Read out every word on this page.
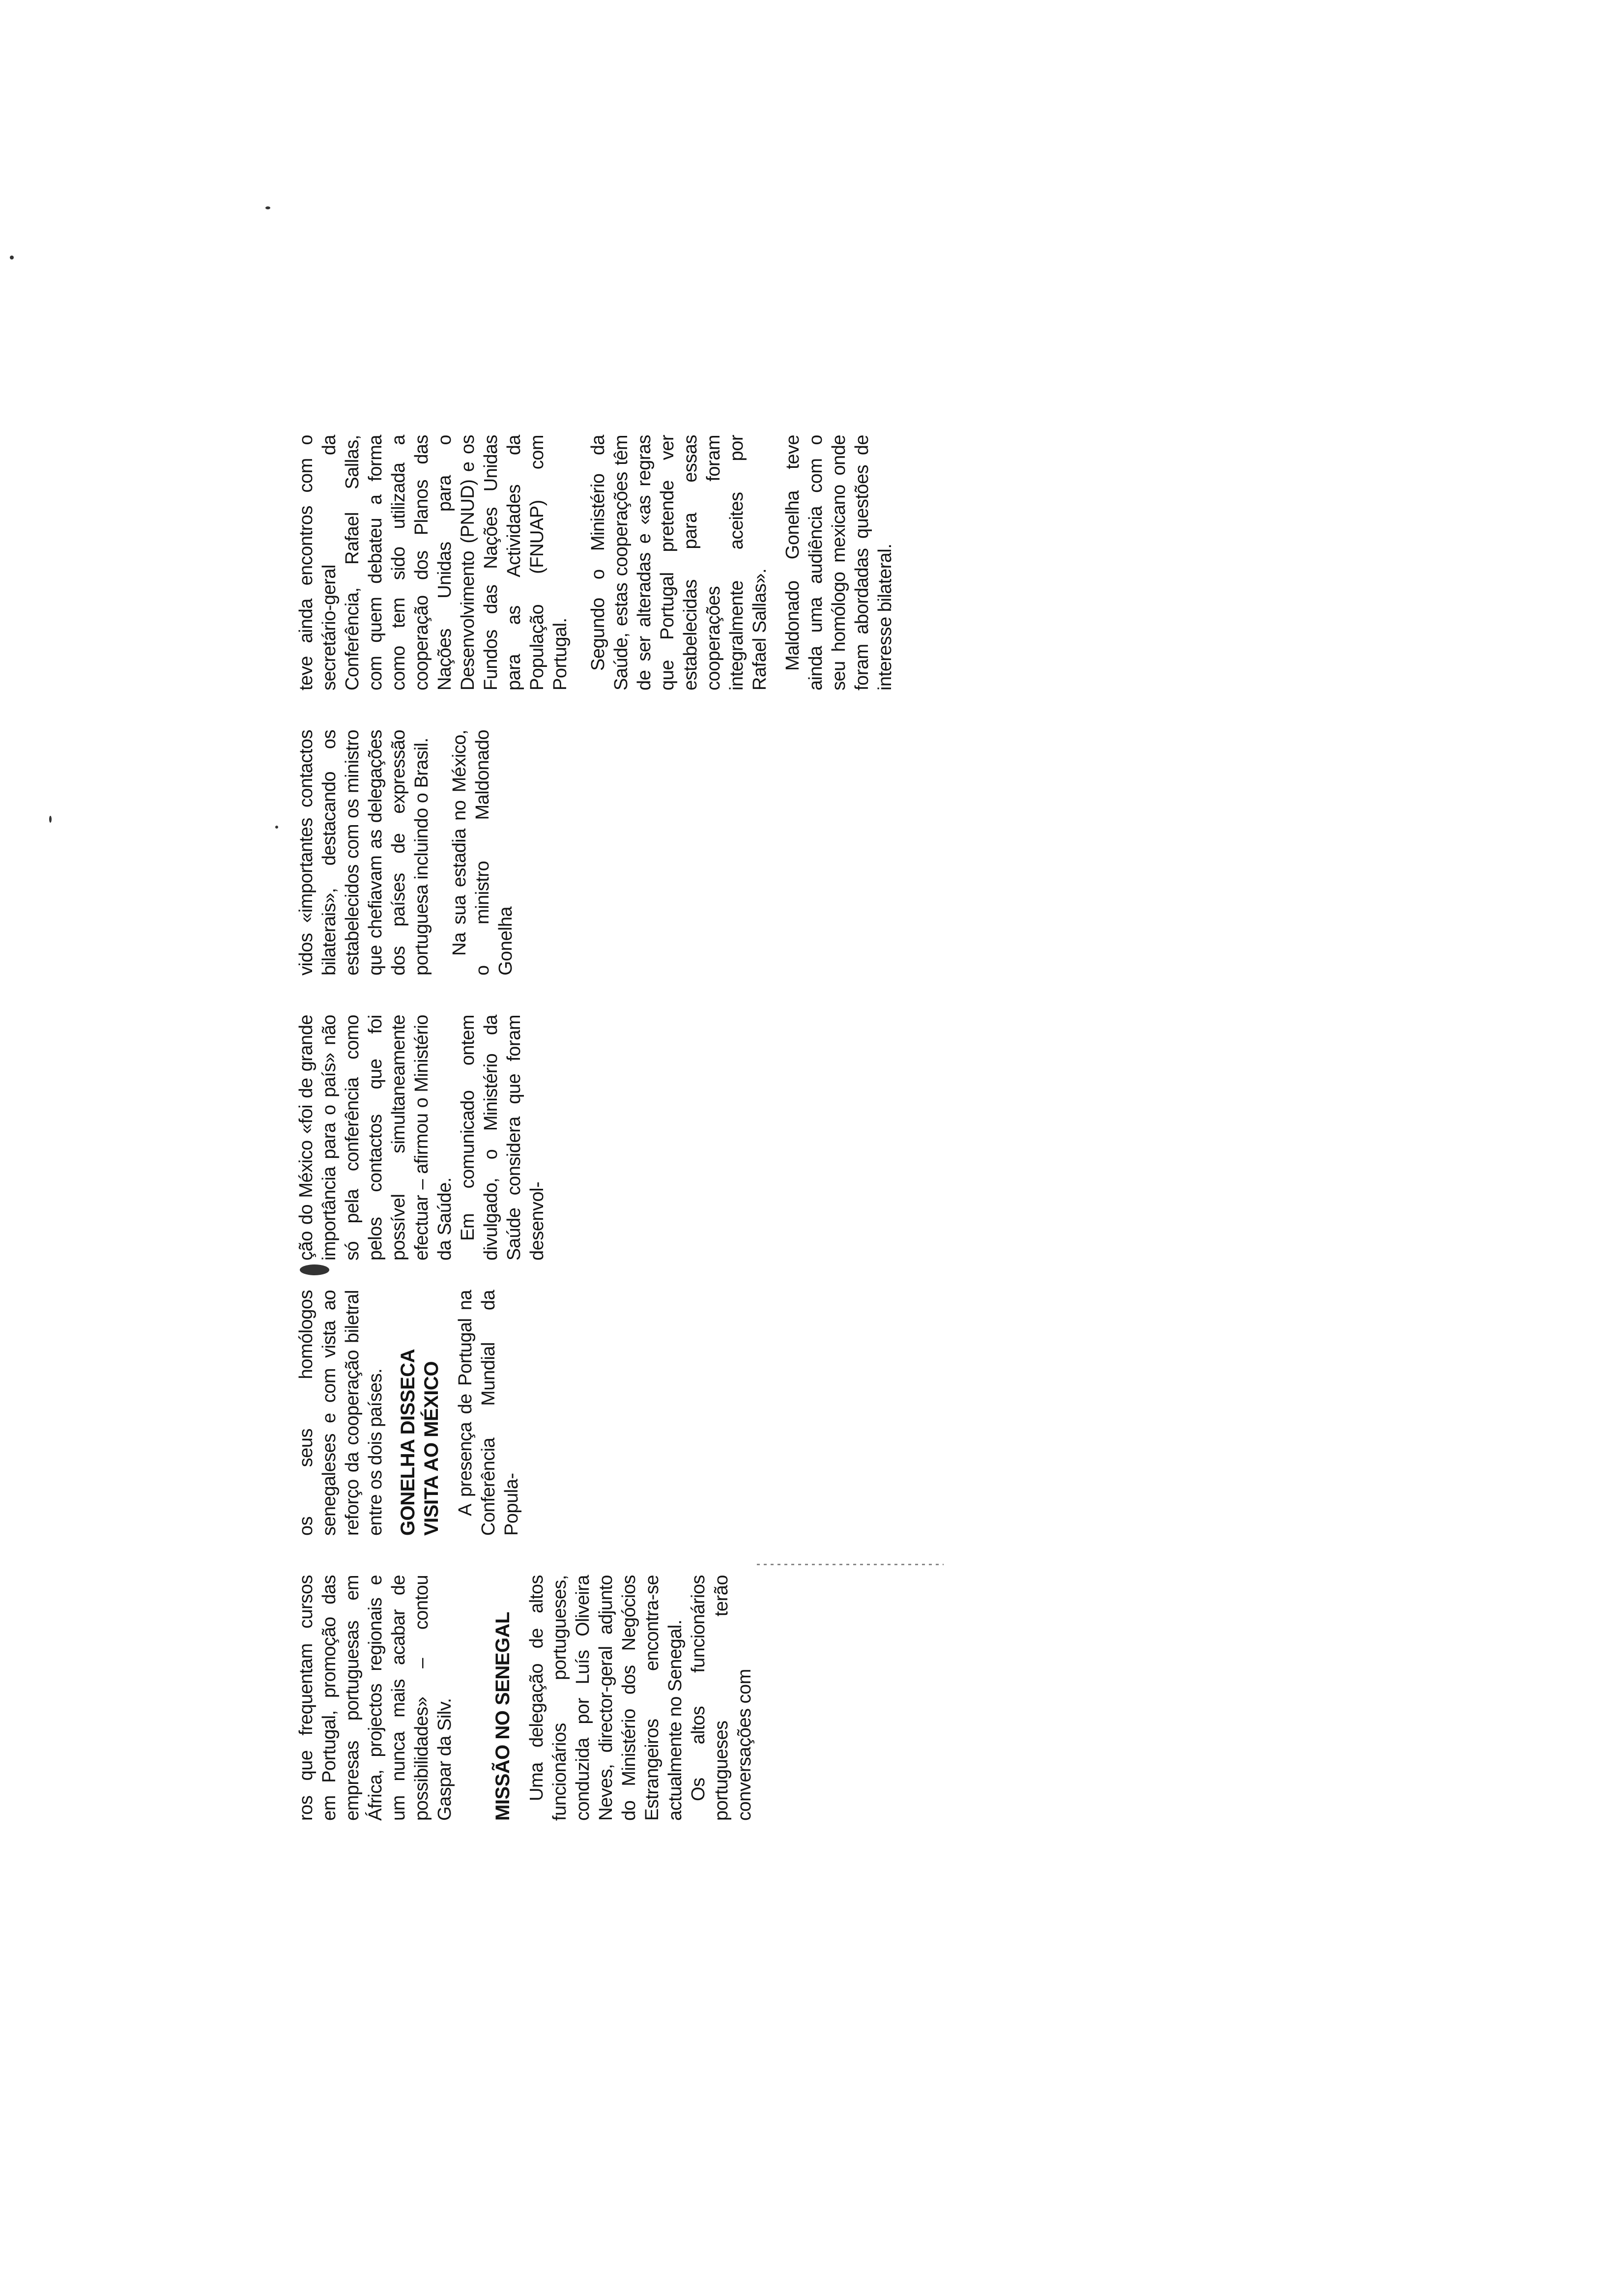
ros que frequentam cursos em Portugal, promoção das empresas portuguesas em África, projectos regionais e um nunca mais acabar de possibilidades» – contou Gaspar da Silv. MISSÃO NO SENEGAL Uma delegação de altos funcionários portugueses, conduzida por Luís Oliveira Neves, director-geral adjunto do Ministério dos Negócios Estrangeiros encontra-se actualmente no Senegal. Os altos funcionários portugueses terão conversações com

os seus homólogos senegaleses e com vista ao reforço da cooperação biletral entre os dois países. GONELHA DISSECA VISITA AO MÉXICO A presença de Portugal na Conferência Mundial da Popula-

ção do México «foi de grande importância para o país» não só pela conferência como pelos contactos que foi possível simultaneamente efectuar – afirmou o Ministério da Saúde. Em comunicado ontem divulgado, o Ministério da Saúde considera que foram desenvol-

vidos «importantes contactos bilaterais», destacando os estabelecidos com os ministro que chefiavam as delegações dos países de expressão portuguesa incluindo o Brasil. Na sua estadia no México, o ministro Maldonado Gonelha

teve ainda encontros com o secretário-geral da Conferência, Rafael Sallas, com quem debateu a forma como tem sido utilizada a cooperação dos Planos das Nações Unidas para o Desenvolvimento (PNUD) e os Fundos das Nações Unidas para as Actividades da População (FNUAP) com Portugal. Segundo o Ministério da Saúde, estas cooperações têm de ser alteradas e «as regras que Portugal pretende ver estabelecidas para essas cooperações foram integralmente aceites por Rafael Sallas». Maldonado Gonelha teve ainda uma audiência com o seu homólogo mexicano onde foram abordadas questões de interesse bilateral.
